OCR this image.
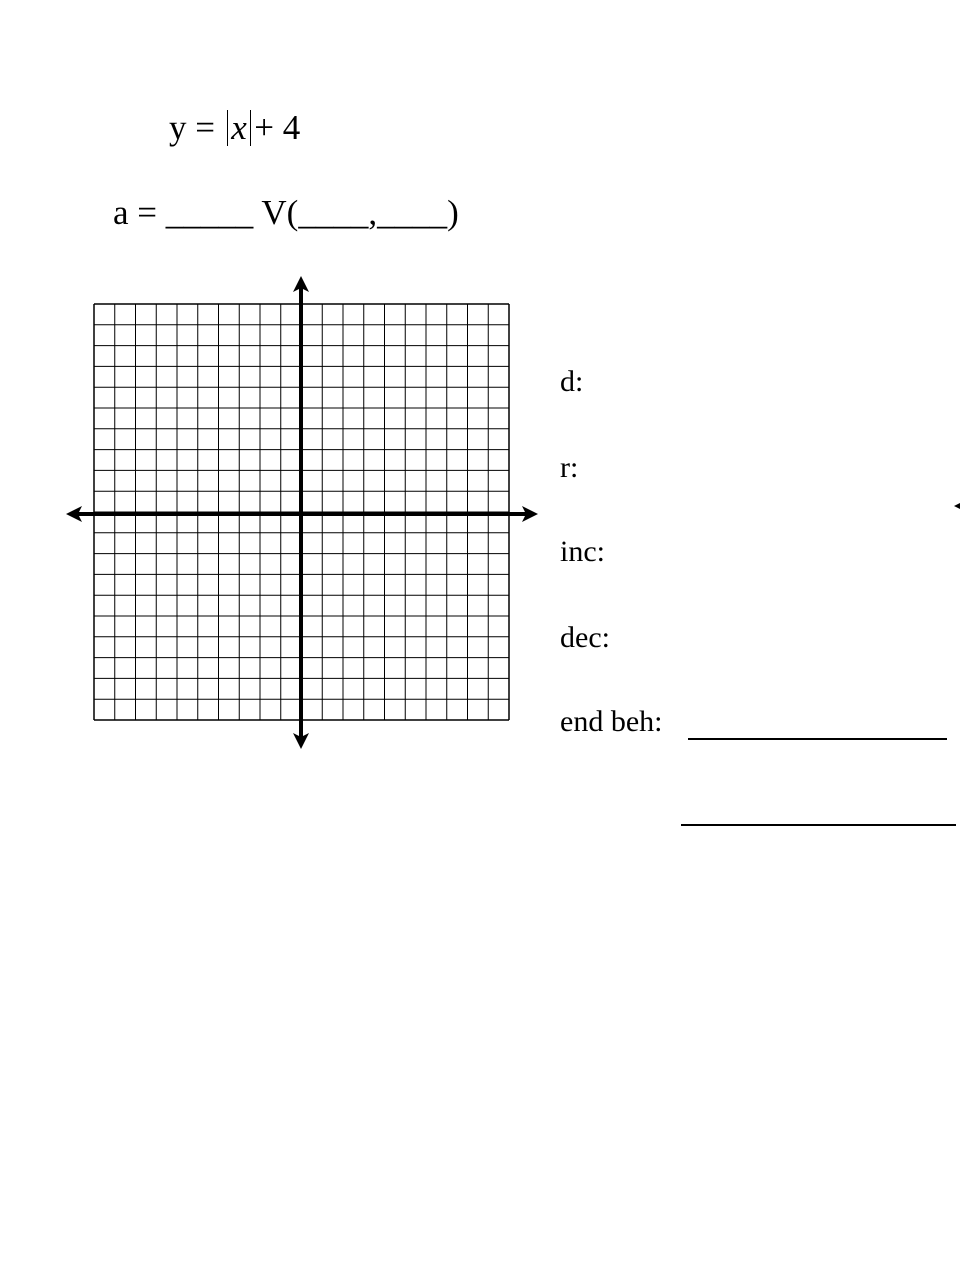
y = x + 4
a = _____ V(____,____)
d:
r:
inc:
dec:
end beh:
